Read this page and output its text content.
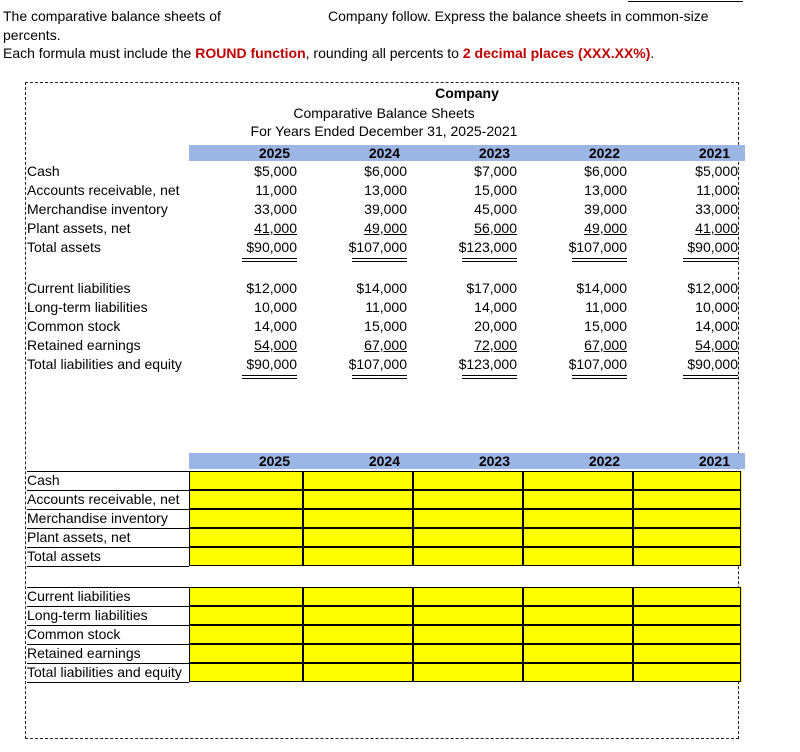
The comparative balance sheets of	Company follow. Express the balance sheets in common-size
percents.
Each formula must include the ROUND function, rounding all percents to 2 decimal places (XXX.XX%).
Company
Comparative Balance Sheets
For Years Ended December 31, 2025-2021
2025	2024	2023	2022	2021
2025	2024	2023	2022	2021
Cash	$5,000	$6,000	$7,000	$6,000	$5,000
Accounts receivable, net	11,000	13,000	15,000	13,000	11,000
Merchandise inventory	33,000	39,000	45,000	39,000	33,000
Plant assets, net	41,000	49,000	56,000	49,000	41,000
Total assets	$90,000	$107,000	$123,000	$107,000	$90,000
Current liabilities	$12,000	$14,000	$17,000	$14,000	$12,000
Long-term liabilities	10,000	11,000	14,000	11,000	10,000
Common stock	14,000	15,000	20,000	15,000	14,000
Retained earnings	54,000	67,000	72,000	67,000	54,000
Total liabilities and equity	$90,000	$107,000	$123,000	$107,000	$90,000
Cash
Accounts receivable, net
Merchandise inventory
Plant assets, net
Total assets
Current liabilities
Long-term liabilities
Common stock
Retained earnings
Total liabilities and equity
